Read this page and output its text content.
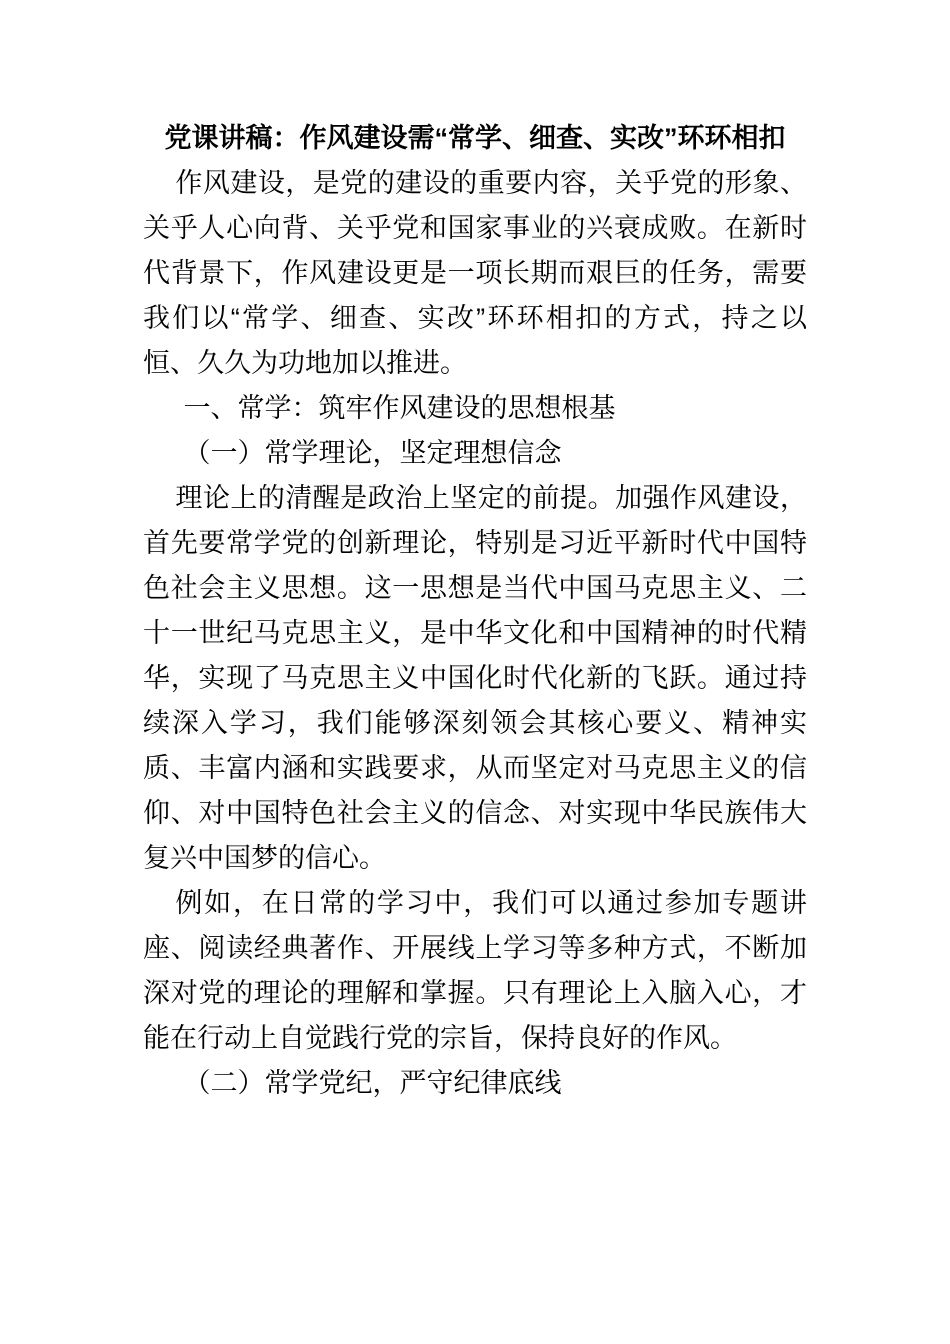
党课讲稿：作风建设需“常学、细查、实改”环环相扣

作风建设，是党的建设的重要内容，关乎党的形象、关乎人心向背、关乎党和国家事业的兴衰成败。在新时代背景下，作风建设更是一项长期而艰巨的任务，需要我们以“常学、细查、实改”环环相扣的方式，持之以恒、久久为功地加以推进。

一、常学：筑牢作风建设的思想根基

（一）常学理论，坚定理想信念

理论上的清醒是政治上坚定的前提。加强作风建设，首先要常学党的创新理论，特别是习近平新时代中国特色社会主义思想。这一思想是当代中国马克思主义、二十一世纪马克思主义，是中华文化和中国精神的时代精华，实现了马克思主义中国化时代化新的飞跃。通过持续深入学习，我们能够深刻领会其核心要义、精神实质、丰富内涵和实践要求，从而坚定对马克思主义的信仰、对中国特色社会主义的信念、对实现中华民族伟大复兴中国梦的信心。

例如，在日常的学习中，我们可以通过参加专题讲座、阅读经典著作、开展线上学习等多种方式，不断加深对党的理论的理解和掌握。只有理论上入脑入心，才能在行动上自觉践行党的宗旨，保持良好的作风。

（二）常学党纪，严守纪律底线
